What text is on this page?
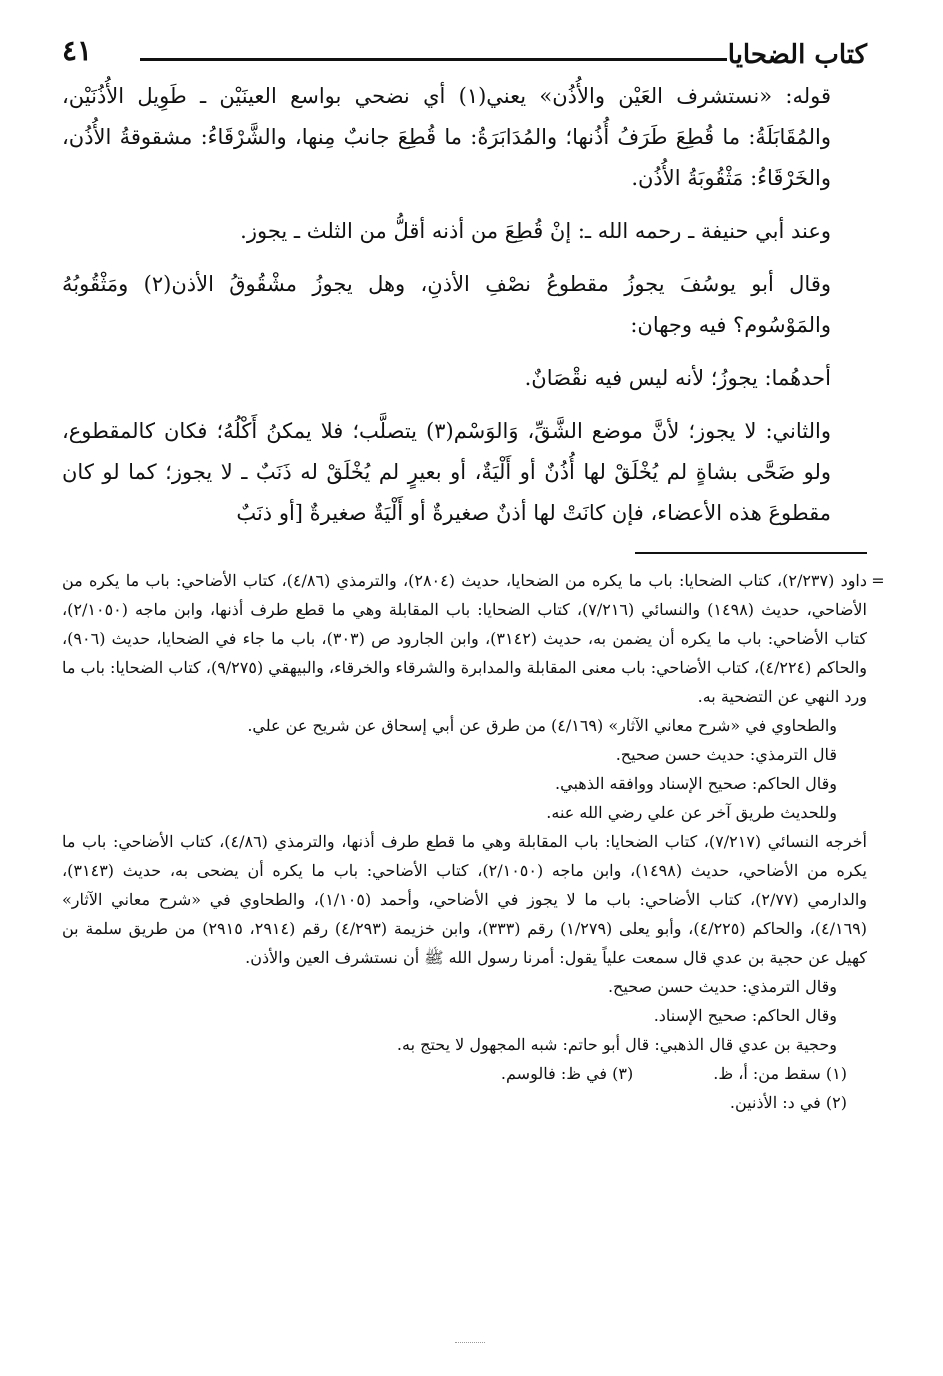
كتاب الضحايا
٤١

قوله: «نستشرف العَيْن والأُذُن» يعني(١) أي نضحي بواسع العينَيْن ـ طَوِيل الأُذُنَيْن، والمُقَابَلَةُ: ما قُطِعَ طَرَفُ أُذُنها؛ والمُدَابَرَةُ: ما قُطِعَ جانبٌ مِنها، والشَّرْقَاءُ: مشقوقةُ الأُذُن، والخَرْقَاءُ: مَثْقُوبَةُ الأُذُن.

وعند أبي حنيفة ـ رحمه الله ـ: إنْ قُطِعَ من أذنه أقلُّ من الثلث ـ يجوز.

وقال أبو يوسُفَ يجوزُ مقطوعُ نصْفِ الأذنِ، وهل يجوزُ مشْقُوقُ الأذن(٢) ومَثْقُوبُهُ والمَوْسُوم؟ فيه وجهان:

أحدهُما: يجوزُ؛ لأنه ليس فيه نقْصَانٌ.

والثاني: لا يجوز؛ لأنَّ موضع الشَّقِّ، وَالوَسْم(٣) يتصلَّب؛ فلا يمكنُ أَكْلُهُ؛ فكان كالمقطوع، ولو ضَحَّى بشاةٍ لم يُخْلَقْ لها أُذُنٌ أو أَلْيَةٌ، أو بعيرٍ لم يُخْلَقْ له ذَنَبٌ ـ لا يجوز؛ كما لو كان مقطوعَ هذه الأعضاء، فإن كانَتْ لها أذنٌ صغيرةٌ أو أَلْيَةٌ صغيرةٌ [أو ذنَبٌ

=
داود (٢/٢٣٧)، كتاب الضحايا: باب ما يكره من الضحايا، حديث (٢٨٠٤)، والترمذي (٤/٨٦)، كتاب الأضاحي: باب ما يكره من الأضاحي، حديث (١٤٩٨) والنسائي (٧/٢١٦)، كتاب الضحايا: باب المقابلة وهي ما قطع طرف أذنها، وابن ماجه (٢/١٠٥٠)، كتاب الأضاحي: باب ما يكره أن يضمن به، حديث (٣١٤٢)، وابن الجارود ص (٣٠٣)، باب ما جاء في الضحايا، حديث (٩٠٦)، والحاكم (٤/٢٢٤)، كتاب الأضاحي: باب معنى المقابلة والمدابرة والشرقاء والخرقاء، والبيهقي (٩/٢٧٥)، كتاب الضحايا: باب ما ورد النهي عن التضحية به.

والطحاوي في «شرح معاني الآثار» (٤/١٦٩) من طرق عن أبي إسحاق عن شريح عن علي.

قال الترمذي: حديث حسن صحيح.

وقال الحاكم: صحيح الإسناد ووافقه الذهبي.

وللحديث طريق آخر عن علي رضي الله عنه.

أخرجه النسائي (٧/٢١٧)، كتاب الضحايا: باب المقابلة وهي ما قطع طرف أذنها، والترمذي (٤/٨٦)، كتاب الأضاحي: باب ما يكره من الأضاحي، حديث (١٤٩٨)، وابن ماجه (٢/١٠٥٠)، كتاب الأضاحي: باب ما يكره أن يضحى به، حديث (٣١٤٣)، والدارمي (٢/٧٧)، كتاب الأضاحي: باب ما لا يجوز في الأضاحي، وأحمد (١/١٠٥)، والطحاوي في «شرح معاني الآثار» (٤/١٦٩)، والحاكم (٤/٢٢٥)، وأبو يعلى (١/٢٧٩) رقم (٣٣٣)، وابن خزيمة (٤/٢٩٣) رقم (٢٩١٤، ٢٩١٥) من طريق سلمة بن كهيل عن حجية بن عدي قال سمعت علياً يقول: أمرنا رسول الله ﷺ أن نستشرف العين والأذن.

وقال الترمذي: حديث حسن صحيح.

وقال الحاكم: صحيح الإسناد.

وحجية بن عدي قال الذهبي: قال أبو حاتم: شبه المجهول لا يحتج به.

(١) سقط من: أ، ظ.
(٣) في ظ: فالوسم.

(٢) في د: الأذنين.
